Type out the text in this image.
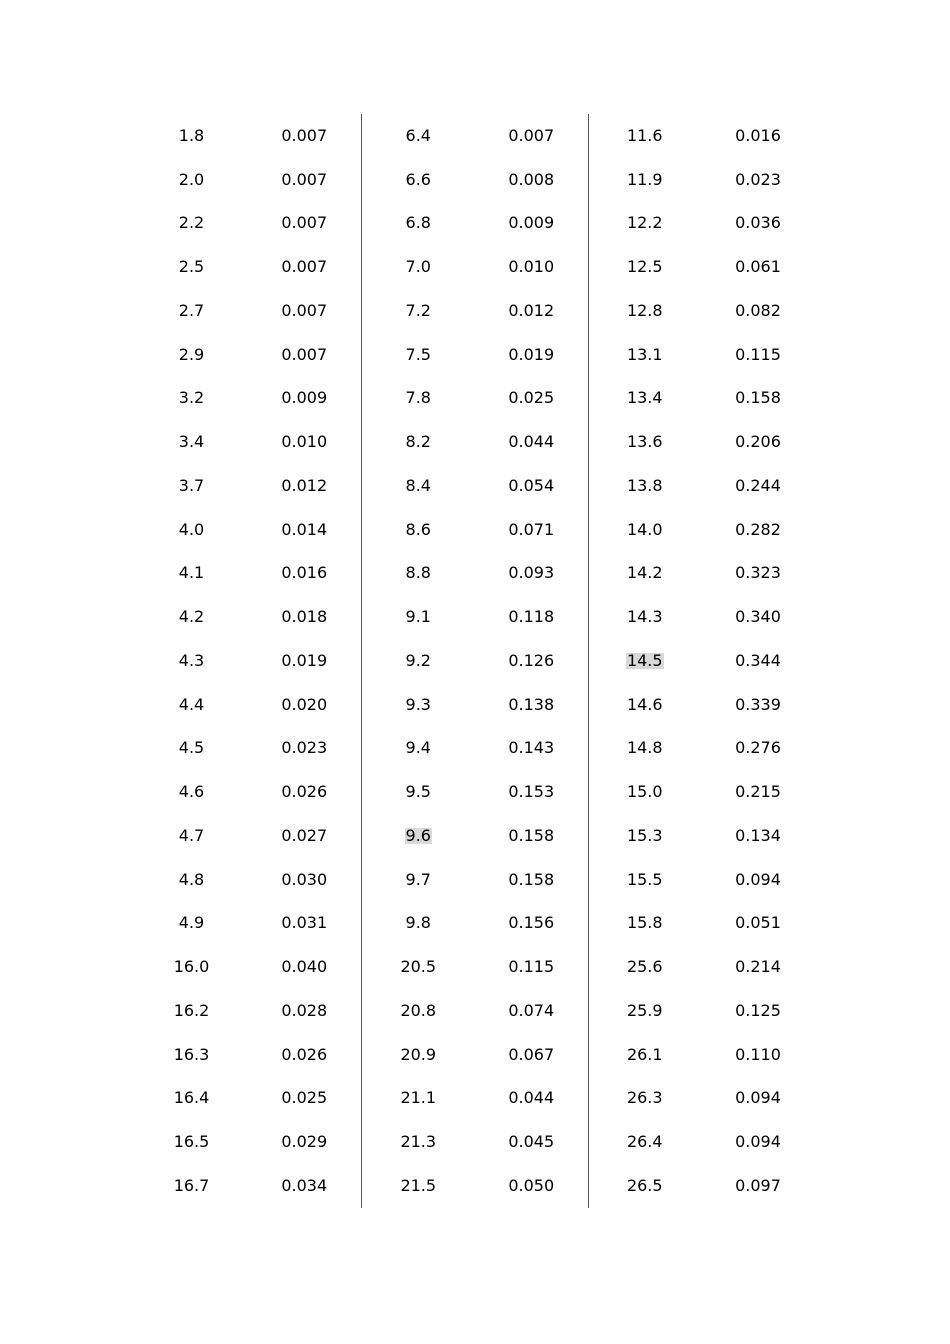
1.8	0.007	6.4	0.007	11.6	0.016
2.0	0.007	6.6	0.008	11.9	0.023
2.2	0.007	6.8	0.009	12.2	0.036
2.5	0.007	7.0	0.010	12.5	0.061
2.7	0.007	7.2	0.012	12.8	0.082
2.9	0.007	7.5	0.019	13.1	0.115
3.2	0.009	7.8	0.025	13.4	0.158
3.4	0.010	8.2	0.044	13.6	0.206
3.7	0.012	8.4	0.054	13.8	0.244
4.0	0.014	8.6	0.071	14.0	0.282
4.1	0.016	8.8	0.093	14.2	0.323
4.2	0.018	9.1	0.118	14.3	0.340
4.3	0.019	9.2	0.126	14.5	0.344
4.4	0.020	9.3	0.138	14.6	0.339
4.5	0.023	9.4	0.143	14.8	0.276
4.6	0.026	9.5	0.153	15.0	0.215
4.7	0.027	9.6	0.158	15.3	0.134
4.8	0.030	9.7	0.158	15.5	0.094
4.9	0.031	9.8	0.156	15.8	0.051
16.0	0.040	20.5	0.115	25.6	0.214
16.2	0.028	20.8	0.074	25.9	0.125
16.3	0.026	20.9	0.067	26.1	0.110
16.4	0.025	21.1	0.044	26.3	0.094
16.5	0.029	21.3	0.045	26.4	0.094
16.7	0.034	21.5	0.050	26.5	0.097
